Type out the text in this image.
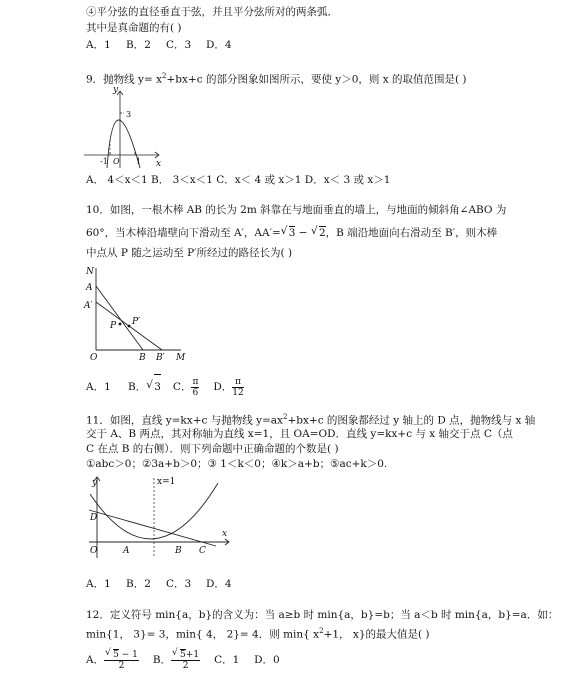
④平分弦的直径垂直于弦，并且平分弦所对的两条弧．
其中是真命题的有( )
A．1 B．2 C．3 D．4
9．抛物线 $y= x^2+bx+c$ 的部分图象如图所示，要使 y＞0，则 x 的取值范围是( )
y
x
3
-1 O 1
A． 4＜x＜1 B． 3＜x＜1 C．x＜ 4 或 x＞1 D．x＜ 3 或 x＞1
10．如图，一根木棒 AB 的长为 2m 斜靠在与地面垂直的墙上，与地面的倾斜角∠ABO 为
60°，当木棒沿墙壁向下滑动至 A′，AA′= √ 3 − √ 2，B 端沿地面向右滑动至 B′，则木棒
中点从 P 随之运动至 P′所经过的路径长为( )
N
A
A′
P P′
O	B B′ M
A．1 B． √ 3 C． $\frac{\pi}{6}$ D． $\frac{\pi}{12}$
11．如图，直线 y=kx+c 与抛物线 $y=ax^2+bx+c$ 的图象都经过 y 轴上的 D 点，抛物线与 x 轴
交于 A、B 两点，其对称轴为直线 x=1，且 OA=OD．直线 y=kx+c 与 x 轴交于点 C（点
C 在点 B 的右侧）．则下列命题中正确命题的个数是( )
①abc＞0；②3a+b＞0；③ 1＜k＜0；④k＞a+b；⑤ac+k＞0.
y
x
x=1
D
O	A	B C
A．1 B．2 C．3 D．4
12．定义符号 min{a，b}的含义为：当 a≥b 时 min{a，b}=b；当 a＜b 时 min{a，b}=a．如：
min{1， 3}= 3，min{ 4， 2}= 4．则 min{ $x^2+1$， x}的最大值是( )
A． √ $\frac{5 - 1}{2}$ B． √ $\frac{5+1}{2}$ C．1 D．0
